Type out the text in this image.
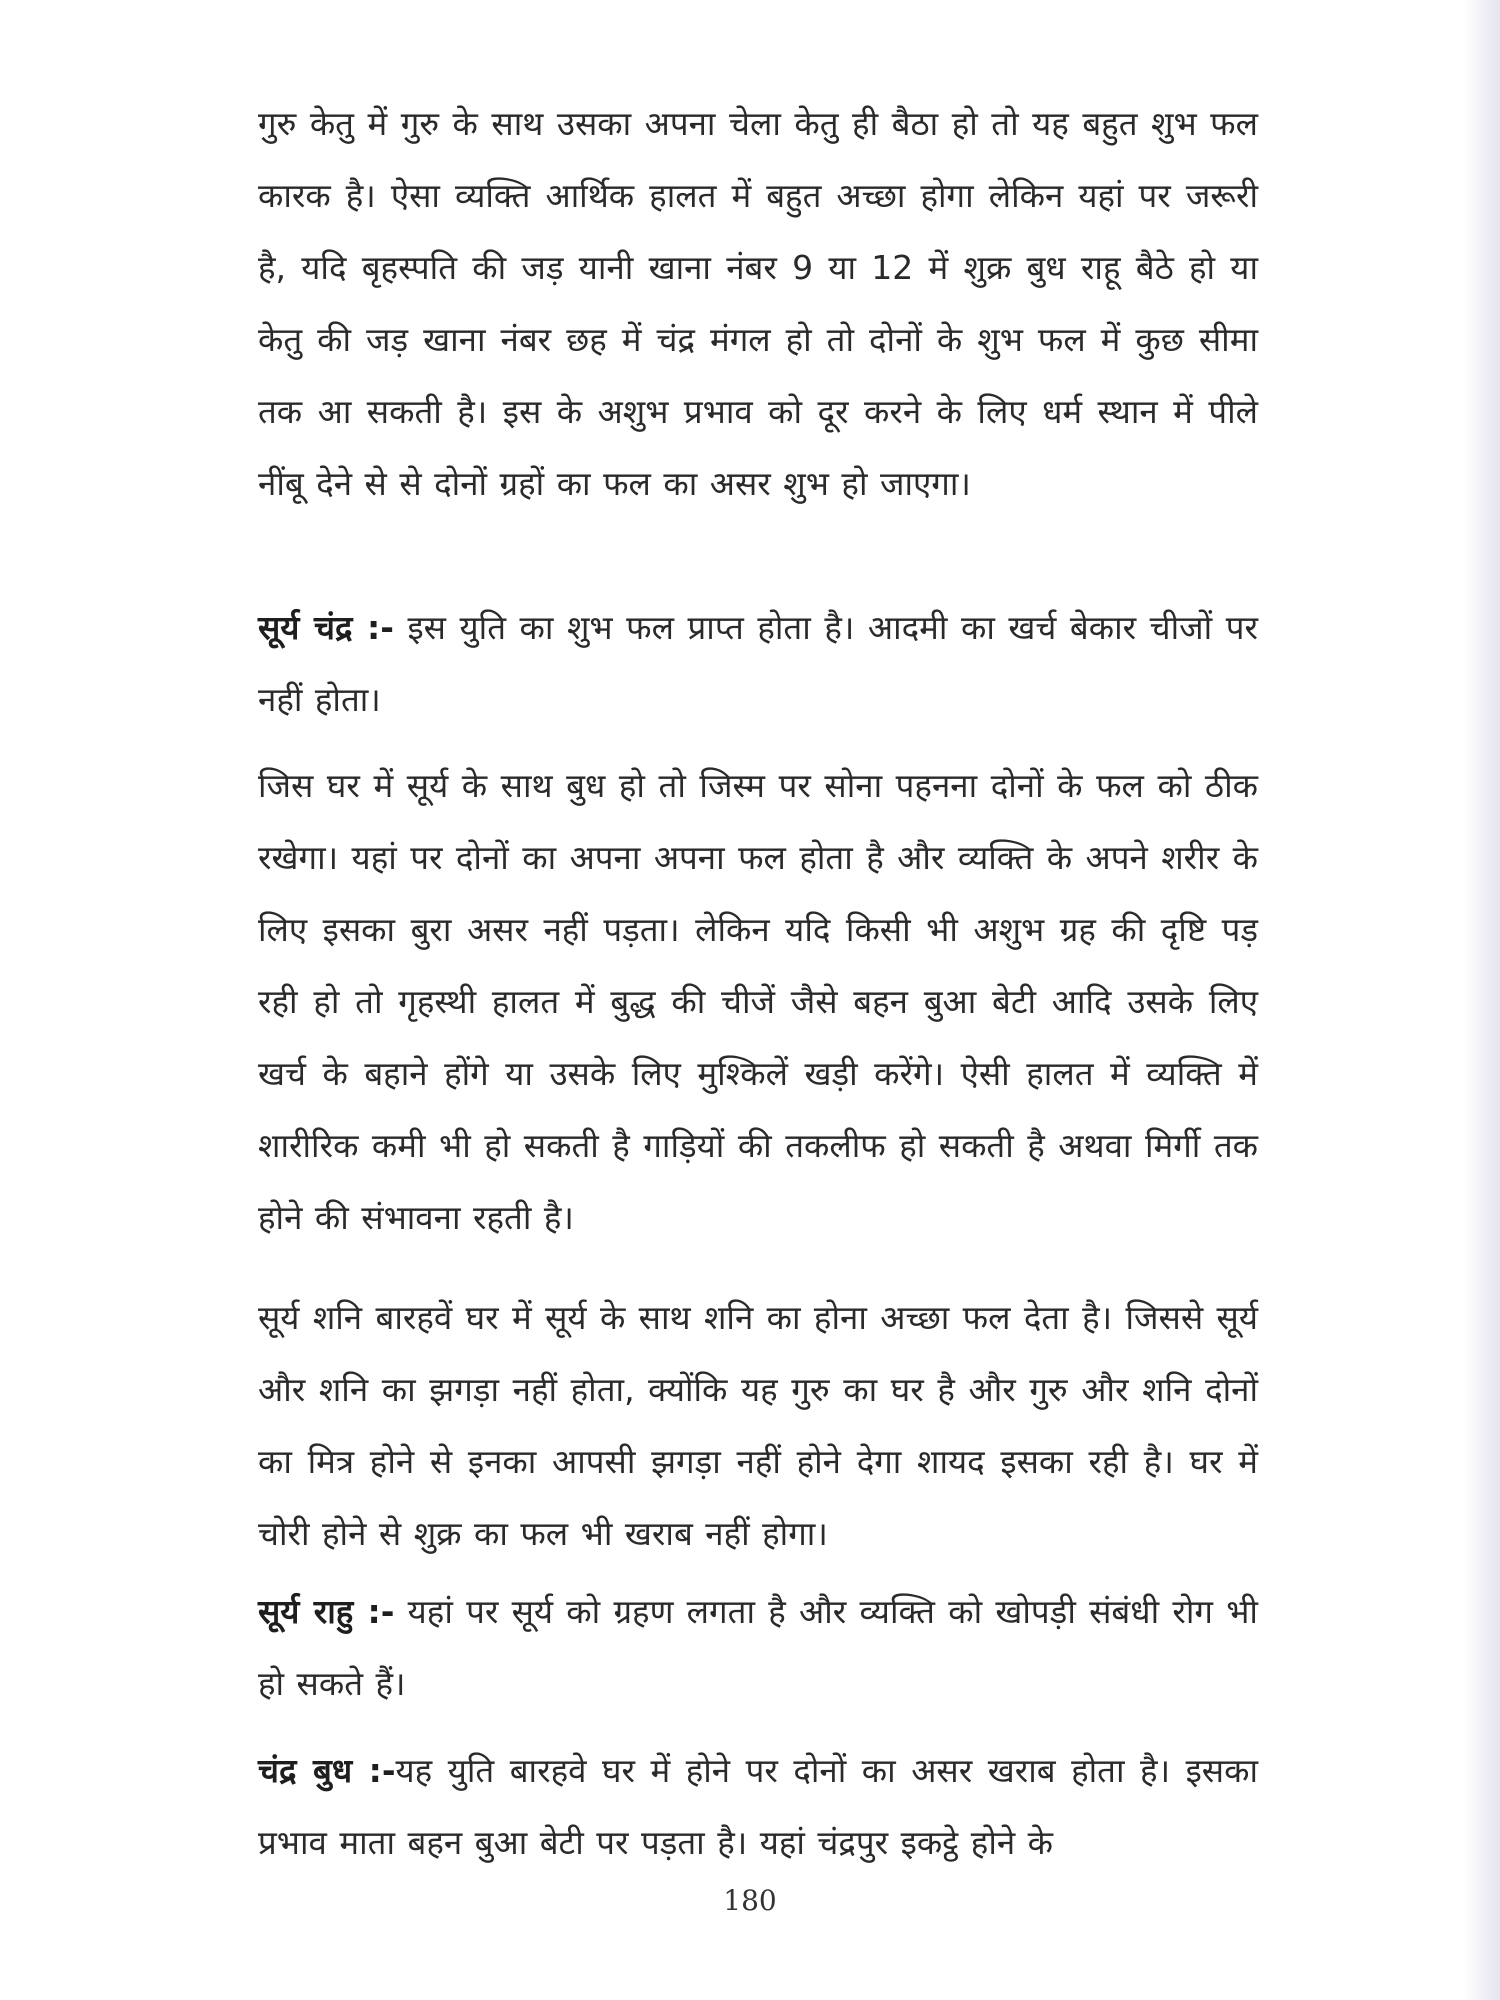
गुरु केतु में गुरु के साथ उसका अपना चेला केतु ही बैठा हो तो यह बहुत शुभ फल कारक है। ऐसा व्यक्ति आर्थिक हालत में बहुत अच्छा होगा लेकिन यहां पर जरूरी है, यदि बृहस्पति की जड़ यानी खाना नंबर 9 या 12 में शुक्र बुध राहू बैठे हो या केतु की जड़ खाना नंबर छह में चंद्र मंगल हो तो दोनों के शुभ फल में कुछ सीमा तक आ सकती है। इस के अशुभ प्रभाव को दूर करने के लिए धर्म स्थान में पीले नींबू देने से से दोनों ग्रहों का फल का असर शुभ हो जाएगा।

सूर्य चंद्र :- इस युति का शुभ फल प्राप्त होता है। आदमी का खर्च बेकार चीजों पर नहीं होता।

जिस घर में सूर्य के साथ बुध हो तो जिस्म पर सोना पहनना दोनों के फल को ठीक रखेगा। यहां पर दोनों का अपना अपना फल होता है और व्यक्ति के अपने शरीर के लिए इसका बुरा असर नहीं पड़ता। लेकिन यदि किसी भी अशुभ ग्रह की दृष्टि पड़ रही हो तो गृहस्थी हालत में बुद्ध की चीजें जैसे बहन बुआ बेटी आदि उसके लिए खर्च के बहाने होंगे या उसके लिए मुश्किलें खड़ी करेंगे। ऐसी हालत में व्यक्ति में शारीरिक कमी भी हो सकती है गाड़ियों की तकलीफ हो सकती है अथवा मिर्गी तक होने की संभावना रहती है।

सूर्य शनि बारहवें घर में सूर्य के साथ शनि का होना अच्छा फल देता है। जिससे सूर्य और शनि का झगड़ा नहीं होता, क्योंकि यह गुरु का घर है और गुरु और शनि दोनों का मित्र होने से इनका आपसी झगड़ा नहीं होने देगा शायद इसका रही है। घर में चोरी होने से शुक्र का फल भी खराब नहीं होगा।

सूर्य राहु :- यहां पर सूर्य को ग्रहण लगता है और व्यक्ति को खोपड़ी संबंधी रोग भी हो सकते हैं।

चंद्र बुध :-यह युति बारहवे घर में होने पर दोनों का असर खराब होता है। इसका प्रभाव माता बहन बुआ बेटी पर पड़ता है। यहां चंद्रपुर इकट्ठे होने के

180
